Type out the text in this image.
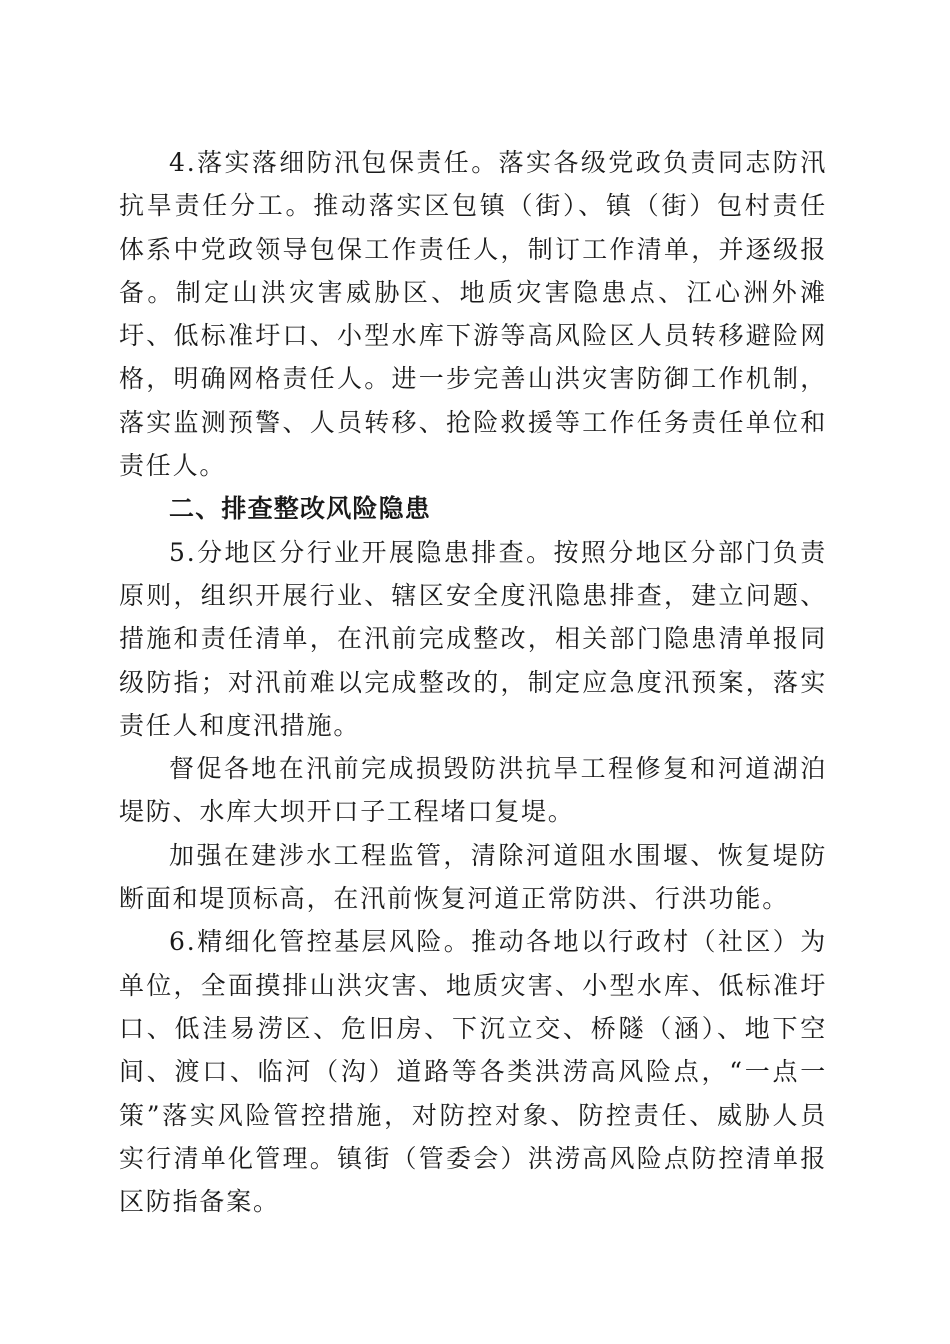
4.落实落细防汛包保责任。落实各级党政负责同志防汛抗旱责任分工。推动落实区包镇（街）、镇（街）包村责任体系中党政领导包保工作责任人，制订工作清单，并逐级报备。制定山洪灾害威胁区、地质灾害隐患点、江心洲外滩圩、低标准圩口、小型水库下游等高风险区人员转移避险网格，明确网格责任人。进一步完善山洪灾害防御工作机制，落实监测预警、人员转移、抢险救援等工作任务责任单位和责任人。

二、排查整改风险隐患

5.分地区分行业开展隐患排查。按照分地区分部门负责原则，组织开展行业、辖区安全度汛隐患排查，建立问题、措施和责任清单，在汛前完成整改，相关部门隐患清单报同级防指；对汛前难以完成整改的，制定应急度汛预案，落实责任人和度汛措施。

督促各地在汛前完成损毁防洪抗旱工程修复和河道湖泊堤防、水库大坝开口子工程堵口复堤。

加强在建涉水工程监管，清除河道阻水围堰、恢复堤防断面和堤顶标高，在汛前恢复河道正常防洪、行洪功能。

6.精细化管控基层风险。推动各地以行政村（社区）为单位，全面摸排山洪灾害、地质灾害、小型水库、低标准圩口、低洼易涝区、危旧房、下沉立交、桥隧（涵）、地下空间、渡口、临河（沟）道路等各类洪涝高风险点，“一点一策”落实风险管控措施，对防控对象、防控责任、威胁人员实行清单化管理。镇街（管委会）洪涝高风险点防控清单报区防指备案。
